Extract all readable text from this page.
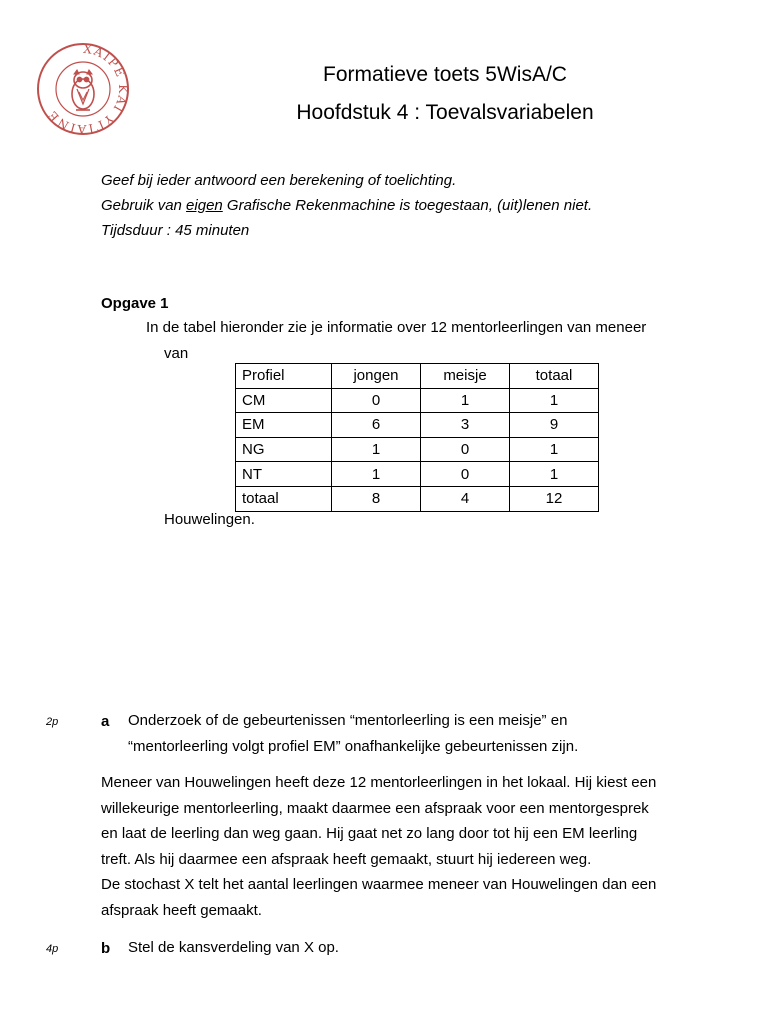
ΧΑΙΡΕ ΚΑΙ ΥΓΙΑΙΝΕ
Formatieve toets 5WisA/C
Hoofdstuk 4 : Toevalsvariabelen
Geef bij ieder antwoord een berekening of toelichting.
Gebruik van eigen Grafische Rekenmachine is toegestaan, (uit)lenen niet.
Tijdsduur : 45 minuten
Opgave 1
In de tabel hieronder zie je informatie over 12 mentorleerlingen van meneer
van
Profiel	jongen	meisje	totaal
CM	0	1	1
EM	6	3	9
NG	1	0	1
NT	1	0	1
totaal	8	4	12
Houwelingen.
2p	a Onderzoek of de gebeurtenissen “mentorleerling is een meisje” en
“mentorleerling volgt profiel EM” onafhankelijke gebeurtenissen zijn.
Meneer van Houwelingen heeft deze 12 mentorleerlingen in het lokaal. Hij kiest een
willekeurige mentorleerling, maakt daarmee een afspraak voor een mentorgesprek
en laat de leerling dan weg gaan. Hij gaat net zo lang door tot hij een EM leerling
treft. Als hij daarmee een afspraak heeft gemaakt, stuurt hij iedereen weg.
De stochast X telt het aantal leerlingen waarmee meneer van Houwelingen dan een
afspraak heeft gemaakt.
4p	b Stel de kansverdeling van X op.
